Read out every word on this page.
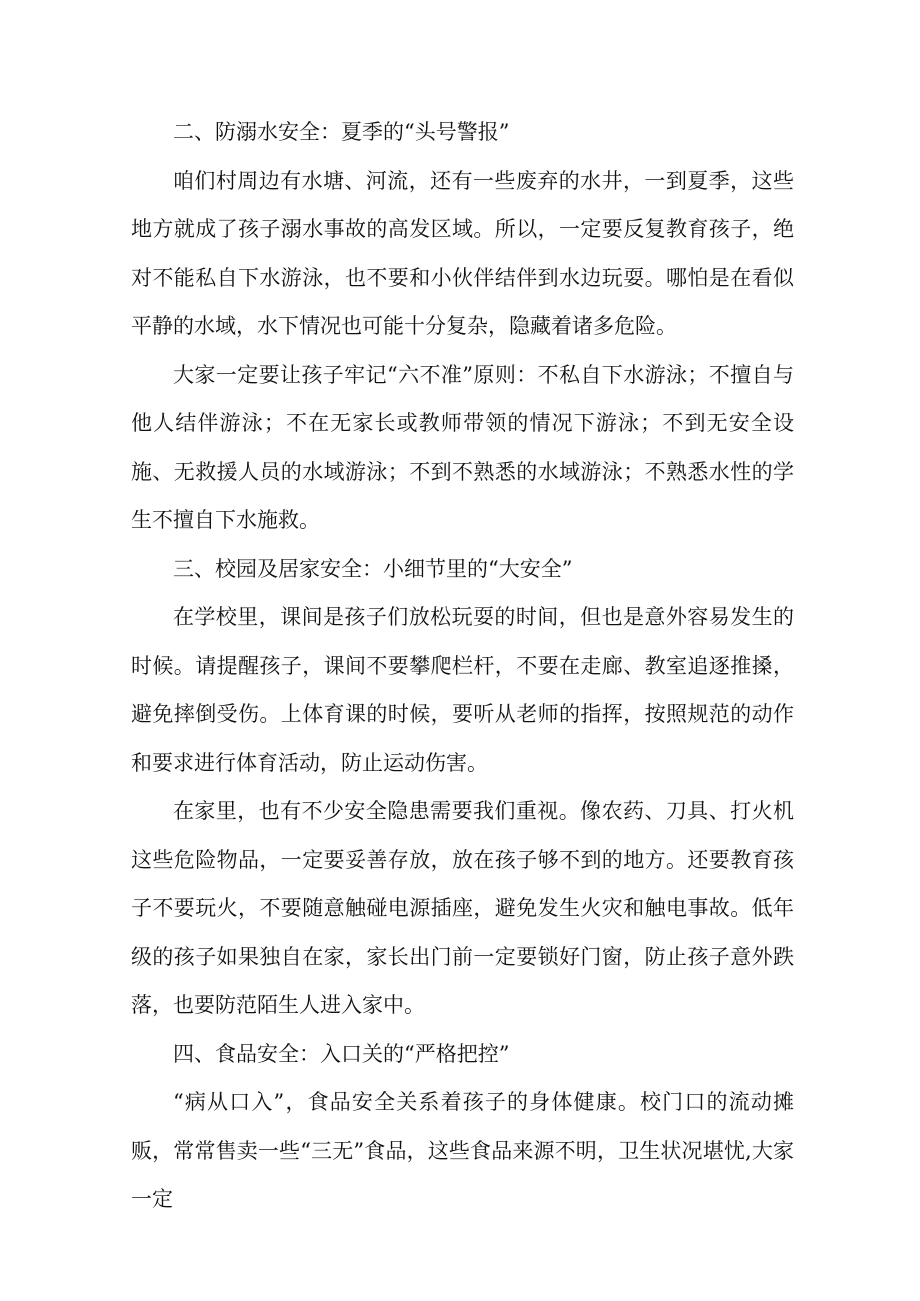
二、防溺水安全：夏季的“头号警报”

咱们村周边有水塘、河流，还有一些废弃的水井，一到夏季，这些地方就成了孩子溺水事故的高发区域。所以，一定要反复教育孩子，绝对不能私自下水游泳，也不要和小伙伴结伴到水边玩耍。哪怕是在看似平静的水域，水下情况也可能十分复杂，隐藏着诸多危险。

大家一定要让孩子牢记“六不准”原则：不私自下水游泳；不擅自与他人结伴游泳；不在无家长或教师带领的情况下游泳；不到无安全设施、无救援人员的水域游泳；不到不熟悉的水域游泳；不熟悉水性的学生不擅自下水施救。

三、校园及居家安全：小细节里的“大安全”

在学校里，课间是孩子们放松玩耍的时间，但也是意外容易发生的时候。请提醒孩子，课间不要攀爬栏杆，不要在走廊、教室追逐推搡，避免摔倒受伤。上体育课的时候，要听从老师的指挥，按照规范的动作和要求进行体育活动，防止运动伤害。

在家里，也有不少安全隐患需要我们重视。像农药、刀具、打火机这些危险物品，一定要妥善存放，放在孩子够不到的地方。还要教育孩子不要玩火，不要随意触碰电源插座，避免发生火灾和触电事故。低年级的孩子如果独自在家，家长出门前一定要锁好门窗，防止孩子意外跌落，也要防范陌生人进入家中。

四、食品安全：入口关的“严格把控”

“病从口入”，食品安全关系着孩子的身体健康。校门口的流动摊贩，常常售卖一些“三无”食品，这些食品来源不明，卫生状况堪忧,大家一定
